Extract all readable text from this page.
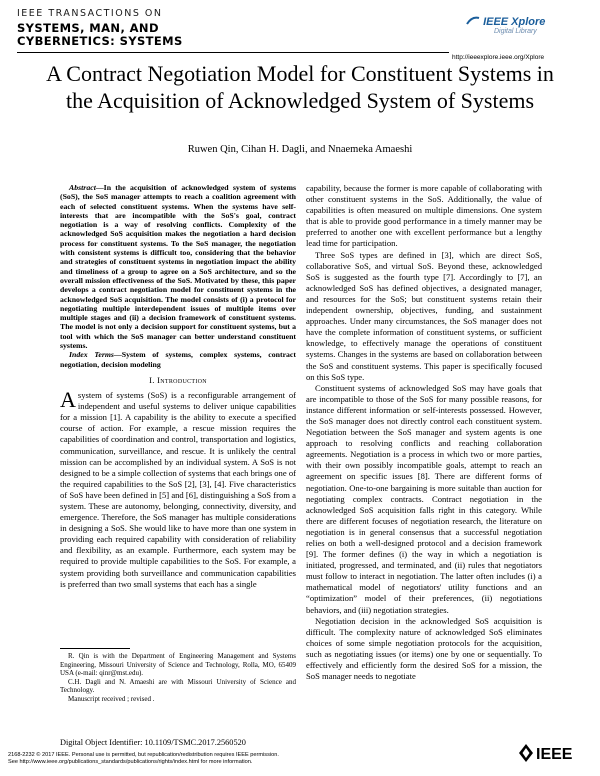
IEEE TRANSACTIONS ON
SYSTEMS, MAN, AND
CYBERNETICS: SYSTEMS
IEEE Xplore
Digital Library
http://ieeexplore.ieee.org/Xplore
A Contract Negotiation Model for Constituent Systems in the Acquisition of Acknowledged System of Systems
Ruwen Qin, Cihan H. Dagli, and Nnaemeka Amaeshi

Abstract—In the acquisition of acknowledged system of systems (SoS), the SoS manager attempts to reach a coalition agreement with each of selected constituent systems. When the systems have self-interests that are incompatible with the SoS's goal, contract negotiation is a way of resolving conflicts. Complexity of the acknowledged SoS acquisition makes the negotiation a hard decision process for constituent systems. To the SoS manager, the negotiation with consistent systems is difficult too, considering that the behavior and strategies of constituent systems in negotiation impact the ability and timeliness of a group to agree on a SoS architecture, and so the overall mission effectiveness of the SoS. Motivated by these, this paper develops a contract negotiation model for constituent systems in the acknowledged SoS acquisition. The model consists of (i) a protocol for negotiating multiple interdependent issues of multiple items over multiple stages and (ii) a decision framework of constituent systems. The model is not only a decision support for constituent systems, but a tool with which the SoS manager can better understand constituent systems.

Index Terms—System of systems, complex systems, contract negotiation, decision modeling

I. Introduction

Asystem of systems (SoS) is a reconfigurable arrangement of independent and useful systems to deliver unique capabilities for a mission [1]. A capability is the ability to execute a specified course of action. For example, a rescue mission requires the capabilities of coordination and control, transportation and logistics, communication, surveillance, and rescue. It is unlikely the central mission can be accomplished by an individual system. A SoS is not designed to be a simple collection of systems that each brings one of the required capabilities to the SoS [2], [3], [4]. Five characteristics of SoS have been defined in [5] and [6], distinguishing a SoS from a system. These are autonomy, belonging, connectivity, diversity, and emergence. Therefore, the SoS manager has multiple considerations in designing a SoS. She would like to have more than one system in providing each required capability with consideration of reliability and flexibility, as an example. Furthermore, each system may be required to provide multiple capabilities to the SoS. For example, a system providing both surveillance and communication capabilities is preferred than two small systems that each has a single

capability, because the former is more capable of collaborating with other constituent systems in the SoS. Additionally, the value of capabilities is often measured on multiple dimensions. One system that is able to provide good performance in a timely manner may be preferred to another one with excellent performance but a lengthy lead time for participation.

Three SoS types are defined in [3], which are direct SoS, collaborative SoS, and virtual SoS. Beyond these, acknowledged SoS is suggested as the fourth type [7]. Accordingly to [7], an acknowledged SoS has defined objectives, a designated manager, and resources for the SoS; but constituent systems retain their independent ownership, objectives, funding, and sustainment approaches. Under many circumstances, the SoS manager does not have the complete information of constituent systems, or sufficient knowledge, to effectively manage the operations of constituent systems. Changes in the systems are based on collaboration between the SoS and constituent systems. This paper is specifically focused on this SoS type.

Constituent systems of acknowledged SoS may have goals that are incompatible to those of the SoS for many possible reasons, for instance different information or self-interests possessed. However, the SoS manager does not directly control each constituent system. Negotiation between the SoS manager and system agents is one approach to resolving conflicts and reaching collaboration agreements. Negotiation is a process in which two or more parties, with their own possibly incompatible goals, attempt to reach an agreement on specific issues [8]. There are different forms of negotiation. One-to-one bargaining is more suitable than auction for negotiating complex contracts. Contract negotiation in the acknowledged SoS acquisition falls right in this category. While there are different focuses of negotiation research, the literature on negotiation is in general consensus that a successful negotiation relies on both a well-designed protocol and a decision framework [9]. The former defines (i) the way in which a negotiation is initiated, progressed, and terminated, and (ii) rules that negotiators must follow to interact in negotiation. The latter often includes (i) a mathematical model of negotiators' utility functions and an “optimization” model of their preferences, (ii) negotiations behaviors, and (iii) negotiation strategies.

Negotiation decision in the acknowledged SoS acquisition is difficult. The complexity nature of acknowledged SoS eliminates choices of some simple negotiation protocols for the acquisition, such as negotiating issues (or items) one by one or sequentially. To effectively and efficiently form the desired SoS for a mission, the SoS manager needs to negotiate

R. Qin is with the Department of Engineering Management and Systems Engineering, Missouri University of Science and Technology, Rolla, MO, 65409 USA (e-mail: qinr@mst.edu).

C.H. Dagli and N. Amaeshi are with Missouri University of Science and Technology.

Manuscript received ; revised .

Digital Object Identifier: 10.1109/TSMC.2017.2560520
2168-2232 © 2017 IEEE. Personal use is permitted, but republication/redistribution requires IEEE permission.
See http://www.ieee.org/publications_standards/publications/rights/index.html for more information.	IEEE
